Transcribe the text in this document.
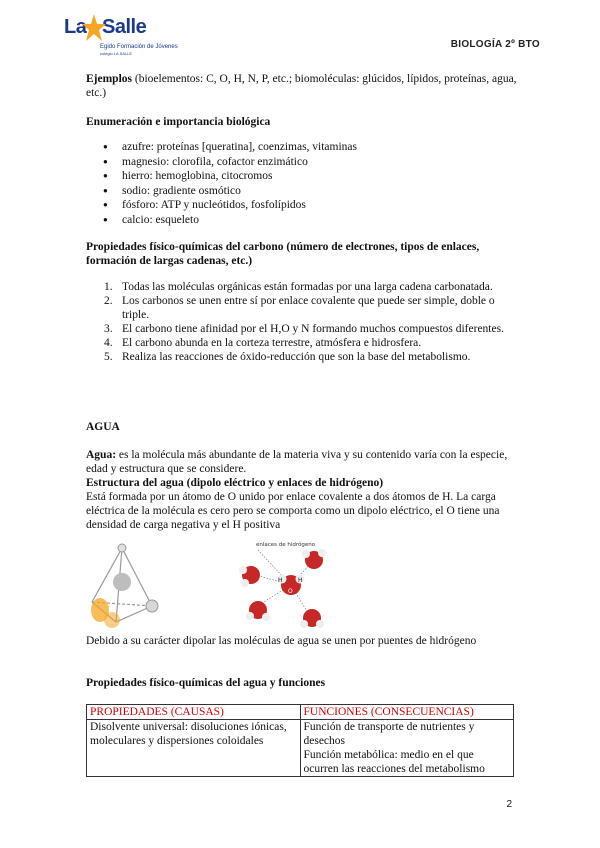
La Salle
Egido Formación de Jóvenes
colegio LA SALLE
BIOLOGÍA 2º BTO
Ejemplos (bioelementos: C, O, H, N, P, etc.; biomoléculas: glúcidos, lípidos, proteínas, agua, etc.)
Enumeración e importancia biológica
● azufre: proteínas [queratina], coenzimas, vitaminas
● magnesio: clorofila, cofactor enzimático
● hierro: hemoglobina, citocromos
● sodio: gradiente osmótico
● fósforo: ATP y nucleótidos, fosfolípidos
● calcio: esqueleto
Propiedades físico-químicas del carbono (número de electrones, tipos de enlaces, formación de largas cadenas, etc.)
1. Todas las moléculas orgánicas están formadas por una larga cadena carbonatada.
2. Los carbonos se unen entre sí por enlace covalente que puede ser simple, doble o triple.
3. El carbono tiene afinidad por el H,O y N formando muchos compuestos diferentes.
4. El carbono abunda en la corteza terrestre, atmósfera e hidrosfera.
5. Realiza las reacciones de óxido-reducción que son la base del metabolismo.
AGUA
Agua: es la molécula más abundante de la materia viva y su contenido varía con la especie, edad y estructura que se considere.
Estructura del agua (dipolo eléctrico y enlaces de hidrógeno)
Está formada por un átomo de O unido por enlace covalente a dos átomos de H. La carga eléctrica de la molécula es cero pero se comporta como un dipolo eléctrico, el O tiene una densidad de carga negativa y el H positiva
Debido a su carácter dipolar las moléculas de agua se unen por puentes de hidrógeno
Propiedades físico-químicas del agua y funciones
enlaces de hidrógeno
H
O
H
PROPIEDADES (CAUSAS)	FUNCIONES (CONSECUENCIAS)
Disolvente universal: disoluciones iónicas, moleculares y dispersiones coloidales	Función de transporte de nutrientes y desechos
Función metabólica: medio en el que ocurren las reacciones del metabolismo
2
